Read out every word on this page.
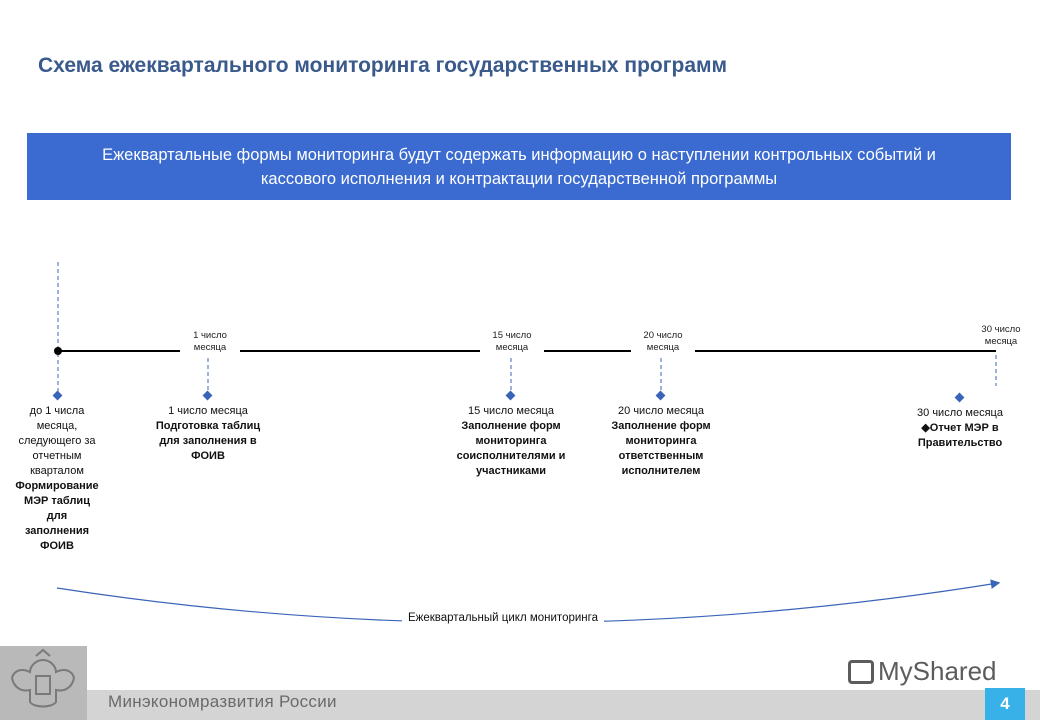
Схема ежеквартального мониторинга государственных программ
Ежеквартальные формы мониторинга будут содержать информацию о наступлении контрольных событий и
кассового исполнения и контрактации государственной программы
1 число
месяца
15 число
месяца
20 число
месяца
30 число
месяца
до 1 числа
месяца,
следующего за
отчетным
кварталом
Формирование
МЭР таблиц
для
заполнения
ФОИВ
1 число месяца
Подготовка таблиц
для заполнения в
ФОИВ
15 число месяца
Заполнение форм
мониторинга
соисполнителями и
участниками
20 число месяца
Заполнение форм
мониторинга
ответственным
исполнителем
30 число месяца
◆Отчет МЭР в
Правительство
Ежеквартальный цикл мониторинга
Минэкономразвития России
MyShared
4
